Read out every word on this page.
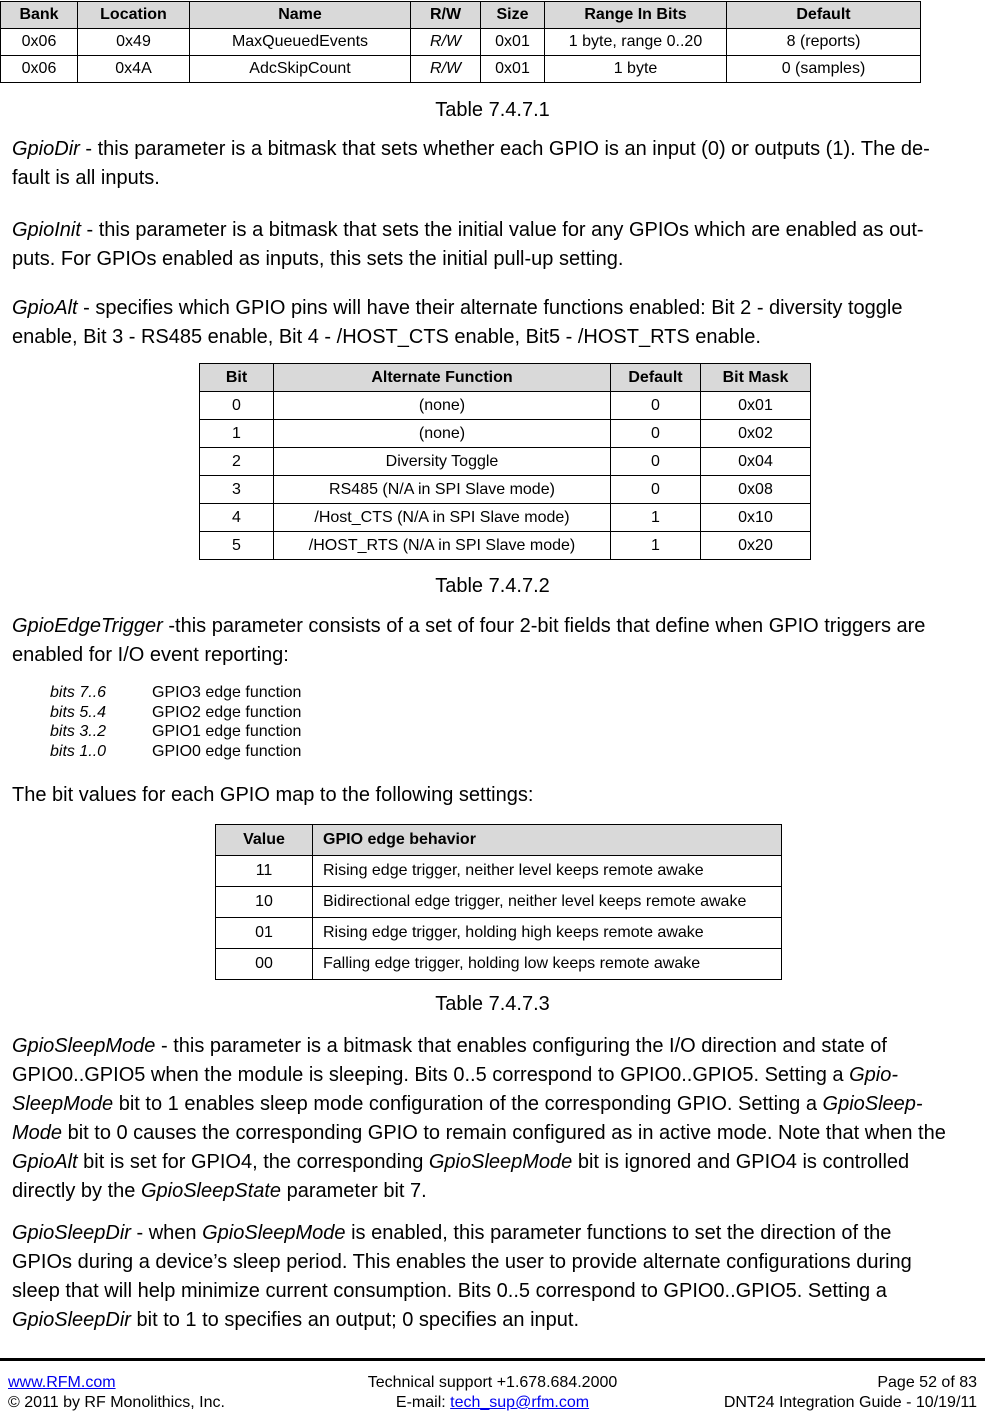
Bank	Location	Name	R/W	Size	Range In Bits	Default
0x06	0x49	MaxQueuedEvents	R/W	0x01	1 byte, range 0..20	8 (reports)
0x06	0x4A	AdcSkipCount	R/W	0x01	1 byte	0 (samples)
Table 7.4.7.1

GpioDir - this parameter is a bitmask that sets whether each GPIO is an input (0) or outputs (1). The de-
fault is all inputs.

GpioInit - this parameter is a bitmask that sets the initial value for any GPIOs which are enabled as out-
puts. For GPIOs enabled as inputs, this sets the initial pull-up setting.

GpioAlt - specifies which GPIO pins will have their alternate functions enabled: Bit 2 - diversity toggle
enable, Bit 3 - RS485 enable, Bit 4 - /HOST_CTS enable, Bit5 - /HOST_RTS enable.

Bit	Alternate Function	Default	Bit Mask
0	(none)	0	0x01
1	(none)	0	0x02
2	Diversity Toggle	0	0x04
3	RS485 (N/A in SPI Slave mode)	0	0x08
4	/Host_CTS (N/A in SPI Slave mode)	1	0x10
5	/HOST_RTS (N/A in SPI Slave mode)	1	0x20
Table 7.4.7.2

GpioEdgeTrigger -this parameter consists of a set of four 2-bit fields that define when GPIO triggers are
enabled for I/O event reporting:

bits 7..6	GPIO3 edge function
bits 5..4	GPIO2 edge function
bits 3..2	GPIO1 edge function
bits 1..0	GPIO0 edge function

The bit values for each GPIO map to the following settings:

Value	GPIO edge behavior
11	Rising edge trigger, neither level keeps remote awake
10	Bidirectional edge trigger, neither level keeps remote awake
01	Rising edge trigger, holding high keeps remote awake
00	Falling edge trigger, holding low keeps remote awake
Table 7.4.7.3

GpioSleepMode - this parameter is a bitmask that enables configuring the I/O direction and state of
GPIO0..GPIO5 when the module is sleeping. Bits 0..5 correspond to GPIO0..GPIO5. Setting a Gpio-
SleepMode bit to 1 enables sleep mode configuration of the corresponding GPIO. Setting a GpioSleep-
Mode bit to 0 causes the corresponding GPIO to remain configured as in active mode. Note that when the
GpioAlt bit is set for GPIO4, the corresponding GpioSleepMode bit is ignored and GPIO4 is controlled
directly by the GpioSleepState parameter bit 7.

GpioSleepDir - when GpioSleepMode is enabled, this parameter functions to set the direction of the
GPIOs during a device’s sleep period. This enables the user to provide alternate configurations during
sleep that will help minimize current consumption. Bits 0..5 correspond to GPIO0..GPIO5. Setting a
GpioSleepDir bit to 1 to specifies an output; 0 specifies an input.

www.RFM.com
© 2011 by RF Monolithics, Inc.
Technical support +1.678.684.2000
E-mail: tech_sup@rfm.com
Page 52 of 83
DNT24 Integration Guide - 10/19/11
